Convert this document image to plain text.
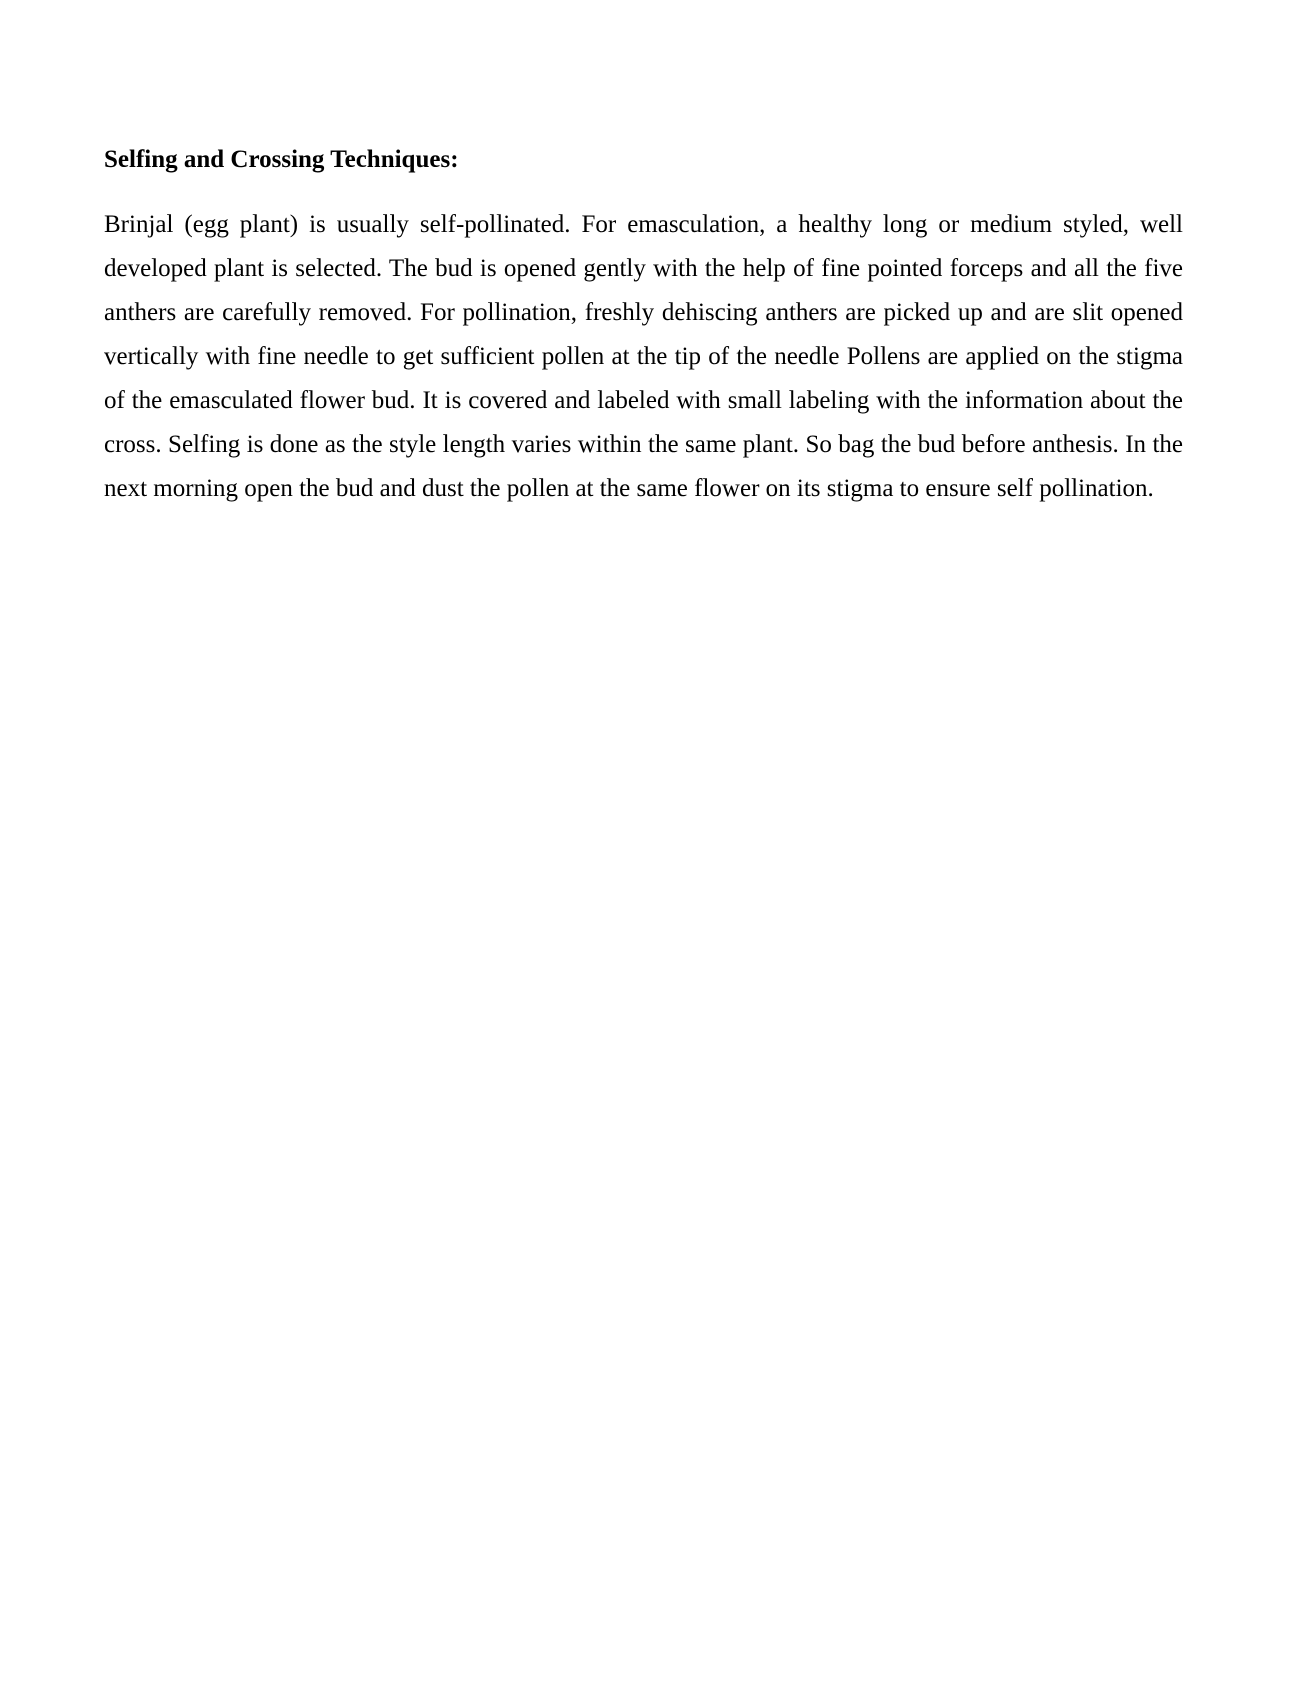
Selfing and Crossing Techniques:

Brinjal (egg plant) is usually self-pollinated. For emasculation, a healthy long or medium styled, well developed plant is selected. The bud is opened gently with the help of fine pointed forceps and all the five anthers are carefully removed. For pollination, freshly dehiscing anthers are picked up and are slit opened vertically with fine needle to get sufficient pollen at the tip of the needle Pollens are applied on the stigma of the emasculated flower bud. It is covered and labeled with small labeling with the information about the cross. Selfing is done as the style length varies within the same plant. So bag the bud before anthesis. In the next morning open the bud and dust the pollen at the same flower on its stigma to ensure self pollination.
